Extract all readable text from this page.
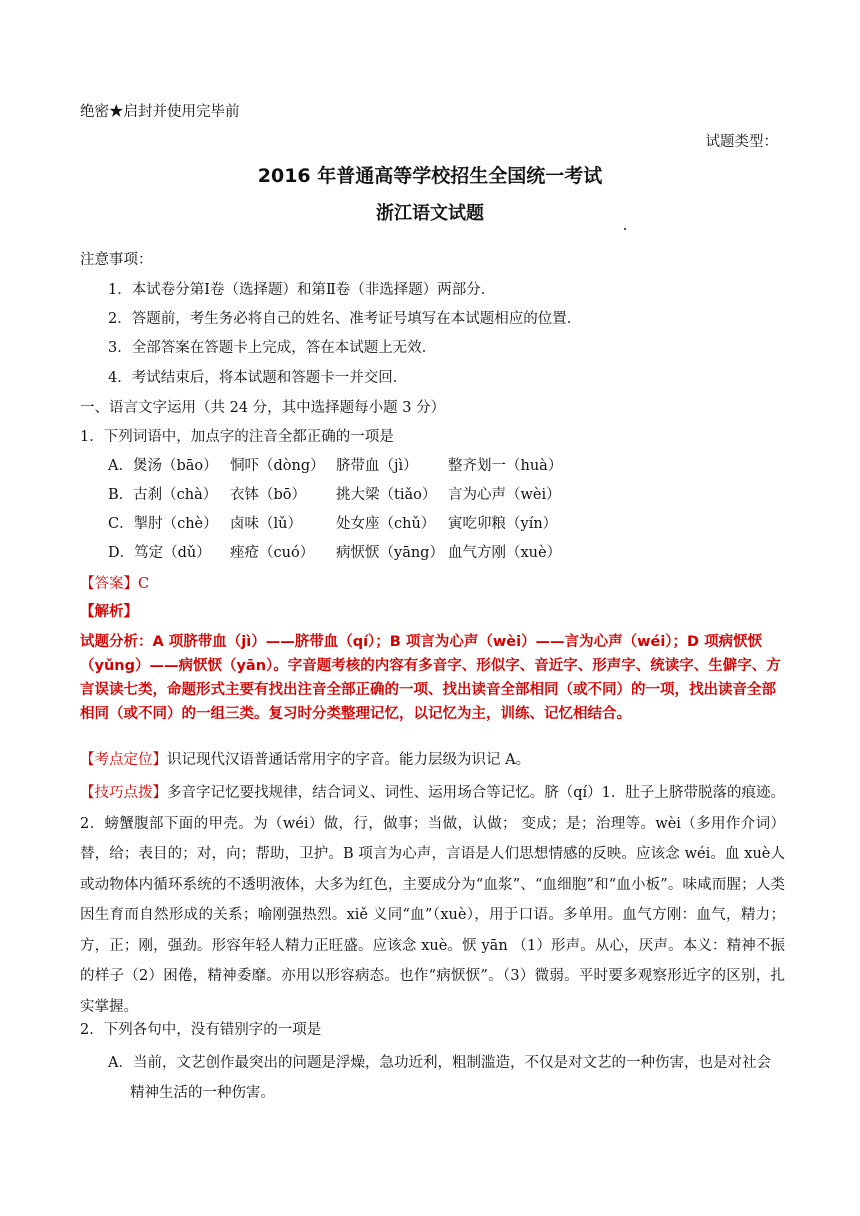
绝密★启封并使用完毕前
试题类型：
2016 年普通高等学校招生全国统一考试
浙江语文试题
注意事项：
1．本试卷分第Ⅰ卷（选择题）和第Ⅱ卷（非选择题）两部分．
2．答题前，考生务必将自己的姓名、准考证号填写在本试题相应的位置．
3．全部答案在答题卡上完成，答在本试题上无效．
4．考试结束后，将本试题和答题卡一并交回．
一、语言文字运用（共 24 分，其中选择题每小题 3 分）
1．下列词语中，加点字的注音全都正确的一项是
A．煲汤（bāo） 恫吓（dòng） 脐带血（jì） 整齐划一（huà）
B．古刹（chà） 衣钵（bō） 挑大梁（tiǎo） 言为心声（wèi）
C．掣肘（chè） 卤味（lǔ） 处女座（chǔ） 寅吃卯粮（yín）
D．笃定（dǔ） 痤疮（cuó） 病恹恹（yāng） 血气方刚（xuè）
【答案】C
【解析】
试题分析：A 项脐带血（jì）——脐带血（qí）；B 项言为心声（wèi）——言为心声（wéi）；D 项病恹恹（yǔng）——病恹恹（yān）。字音题考核的内容有多音字、形似字、音近字、形声字、统读字、生僻字、方言误读七类，命题形式主要有找出注音全部正确的一项、找出读音全部相同（或不同）的一项，找出读音全部相同（或不同）的一组三类。复习时分类整理记忆，以记忆为主，训练、记忆相结合。
【考点定位】识记现代汉语普通话常用字的字音。能力层级为识记 A。
【技巧点拨】多音字记忆要找规律，结合词义、词性、运用场合等记忆。脐（qí）1．肚子上脐带脱落的痕迹。2．螃蟹腹部下面的甲壳。为（wéi）做，行，做事；当做，认做； 变成；是；治理等。wèi（多用作介词）替，给；表目的；对，向；帮助，卫护。B 项言为心声，言语是人们思想情感的反映。应该念 wéi。血 xuè人或动物体内循环系统的不透明液体，大多为红色，主要成分为“血浆”、“血细胞”和“血小板”。味咸而腥；人类因生育而自然形成的关系；喻刚强热烈。xiě 义同“血”（xuè），用于口语。多单用。血气方刚：血气，精力；方，正；刚，强劲。形容年轻人精力正旺盛。应该念 xuè。恹 yān （1）形声。从心，厌声。本义：精神不振的样子（2）困倦，精神委靡。亦用以形容病态。也作“病恹恹”。（3）微弱。平时要多观察形近字的区别，扎实掌握。
2．下列各句中，没有错别字的一项是
A．当前，文艺创作最突出的问题是浮燥，急功近利，粗制滥造，不仅是对文艺的一种伤害，也是对社会精神生活的一种伤害。
